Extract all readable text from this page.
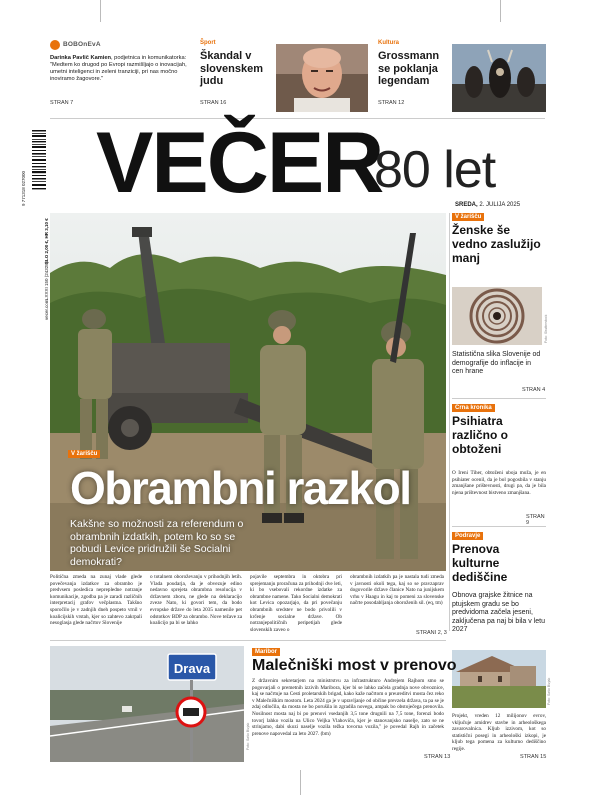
BOBOnEvA
Darinka Pavlič Kamien, podjetnica in komunikatorka:
"Medtem ko drugod po Evropi razmišljajo o inovacijah, umetni inteligenci in zeleni tranziciji, pri nas močno inoviramo žagovore."
STRAN 7
Šport
Škandal v slovenskem judu
STRAN 16
Kultura
Grossmann se poklanja legendam
STRAN 12
9 771318 027000 VEČER
80 let
SREDA, 2. JULIJA 2025
LXXXI 150 (24328)
SLO 2,00 €, HR 3,10 €
vecer.com
V žarišču
Obrambni razkol
Kakšne so možnosti za referendum o obrambnih izdatkih, potem ko so se pobudi Levice pridružili še Socialni demokrati?
Politična zmeda na zunaj vlade glede povečevanja izdatkov za obrambo je predvsem posledica neprepledne notranje komunikacije, zgodba pa je zaradi različnih interpretacij grafov večplastna. Takšno sporočilo je v zadnjih dneh pospeto vrnil v koalicijskih vrstah, kjer so zahtevo zakrpali nesoglasja glede načrtov Slovenije
o totalnem oboroževanju v prihodnjih letih. Vlada poudarja, da je obvezuje edino nedavno sprejeta obrambna resolucija v državnem zboru, ne glede na deklaracijo zveze Nato, ki govori tem, da bodo evropske države do leta 2035 namenile pet odstotkov BDP za obrambo. Nove težave za koalicijo pa bi se lahko
pojavile septembra in oktobra pri sprejemanju proračuna za prihodnji dve leti, ki bo vsebovali rekordne izdatke za obrambne namene. Tako Socialni demokrati kot Levica opozarjajo, da pri povečanju obrambnih sredstev ne bodo privolili v krčenje socialne države. Ob notranjepolitičnih peripetijah glede slovenskih zaveo o
obrambnih izdatkih pa je nastala tudi zmeda v javnosti okoli tega, kaj so se pravzaprav dogovorile države članice Nato na junijskem vrhu v Haagu in kaj to pomeni za slovenske načrte posodabljanja oboroženih sil. (eq, tm)
STRANI 2, 3
V žarišču
Ženske še vedno zaslužijo manj
Foto: Shutterstock
Statistična slika Slovenije od demografije do inflacije in cen hrane
STRAN 4
Črna kronika
Psihiatra različno o obtoženi
O Ireni Tiher, obtoženi uboja moža, je en psihiater ocenil, da je bol pogosbila v stanju zmanjšane prištevnosti, drugi pa, da je bila njena prištevnost bistveno zmanjšana.
STRAN 9
Podravje
Prenova kulturne dediščine
Obnova grajske žitnice na ptujskem gradu se bo predvidoma začela jeseni, zaključena pa naj bi bila v letu 2027
Foto: Sašo Bizjak
Projekt, vreden 12 milijonov evrov, vključuje arnidrev stavbe in arheološkega zavarovalnica. Kljub izzivom, kot so statistični posegi in arheološki izkopi, je kljub tega pomena za kulturno dediščino regije.
STRAN 15
Drava
Foto: Sašo Bizjak
Maribor
Malečniški most v prenovo
Z državnim sekretarjem na ministrstvu za infrastrukturo Andrejem Rajhom smo se pogovarjali o premetnih izzivih Maribora, kjer bi se lahko začela gradnja nove obvoznice, kaj se načrtuje na Cesti proletarskih brigad, kako kaže načrtom o preureditvi mosta čez reko v Malečniškim mostom. Leta 2024 ga je v upravljanje od občine prevzela država, ta pa se je zdaj odločila, da mosta ne bo porušila in zgradila novega, ampak bo obstoječega prenovila. Nosilnost mosta naj bi po prenovi vsedanjih 3,5 tone drugnili na 7,5 tone, forenzi bodo tovorj lahko vozila na Ulico Veljka Vlahoviča, kjer je stanovanjsko naselje, zato se ne strinjamo, dabi skozi naselje vozila težka tovorna vozila," je povedal Rajh in začetek prenove napovedal za leto 2027. (bm)
STRAN 13
